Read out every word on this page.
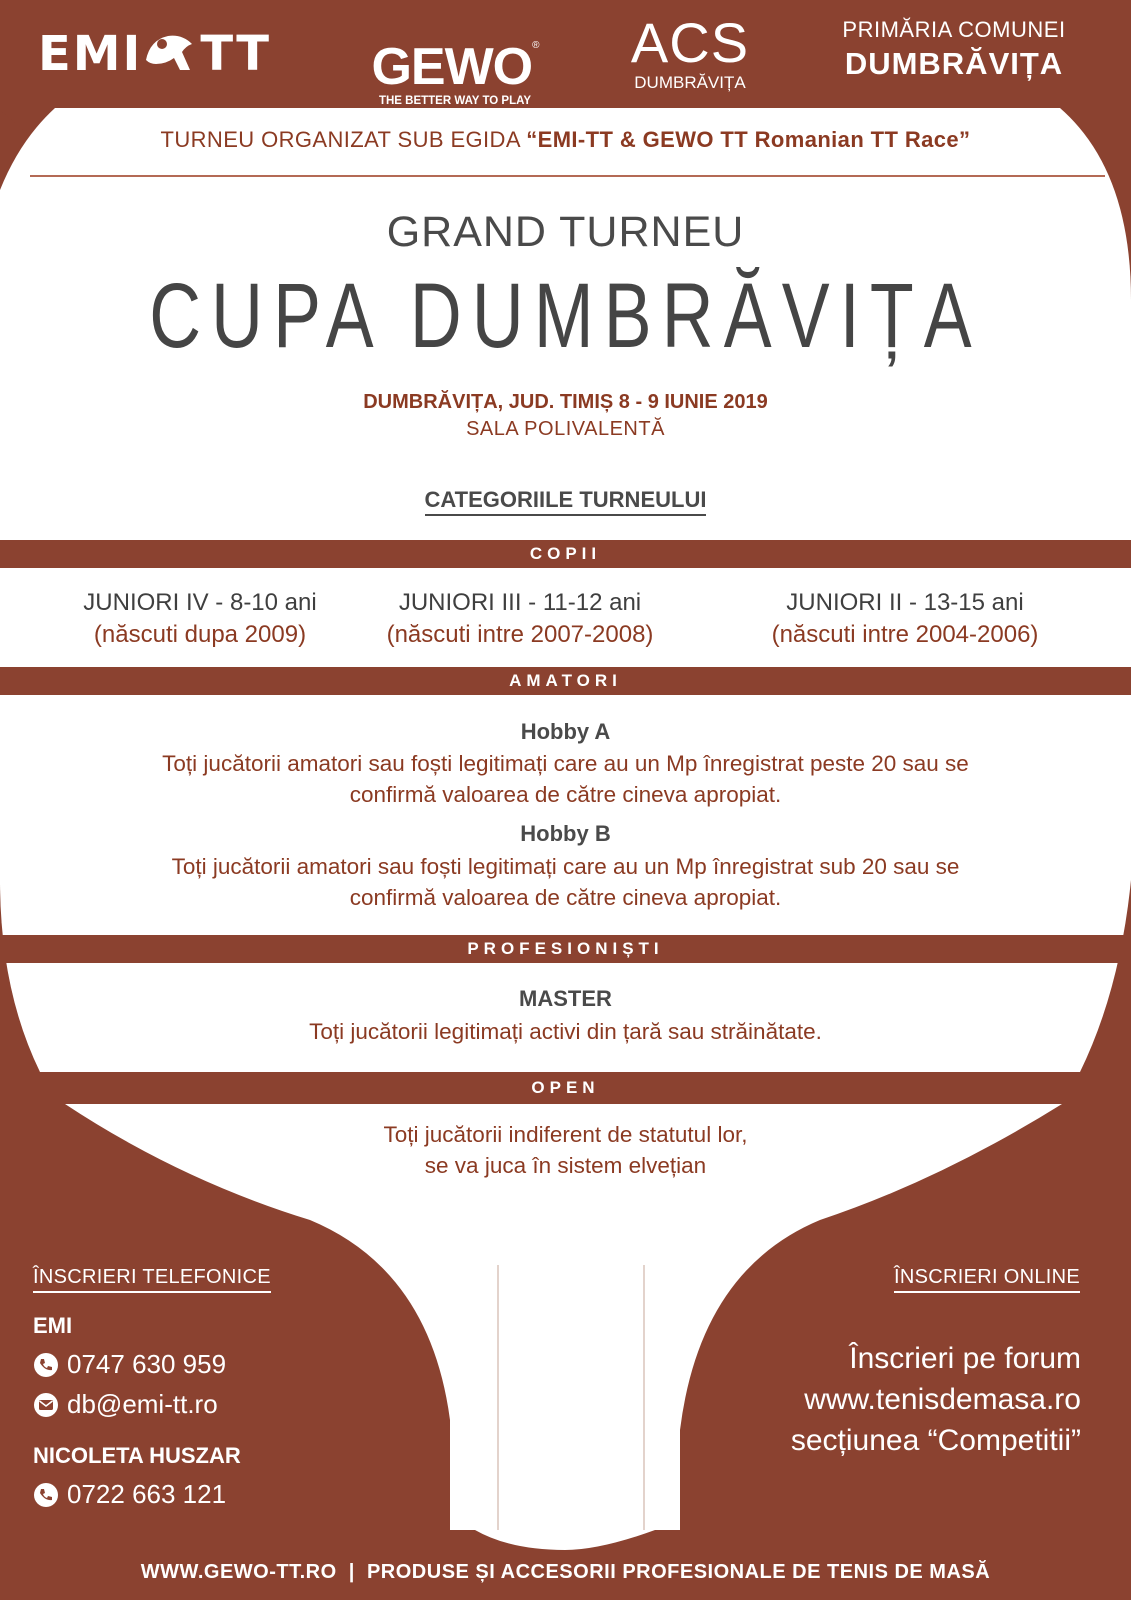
EMI TT GEWO®
THE BETTER WAY TO PLAY
ACS
DUMBRĂVIȚA
PRIMĂRIA COMUNEI
DUMBRĂVIȚA
TURNEU ORGANIZAT SUB EGIDA “EMI-TT & GEWO TT Romanian TT Race”
GRAND TURNEU
CUPA DUMBRĂVIȚA
DUMBRĂVIȚA, JUD. TIMIȘ 8 - 9 IUNIE 2019
SALA POLIVALENTĂ
CATEGORIILE TURNEULUI
COPII
JUNIORI IV - 8-10 ani
(născuti dupa 2009)
JUNIORI III - 11-12 ani
(născuti intre 2007-2008)
JUNIORI II - 13-15 ani
(născuti intre 2004-2006)
AMATORI
Hobby A
Toți jucătorii amatori sau foști legitimați care au un Mp înregistrat peste 20 sau se
confirmă valoarea de către cineva apropiat.
Hobby B
Toți jucătorii amatori sau foști legitimați care au un Mp înregistrat sub 20 sau se
confirmă valoarea de către cineva apropiat.
PROFESIONIȘTI
MASTER
Toți jucătorii legitimați activi din țară sau străinătate.
OPEN
Toți jucătorii indiferent de statutul lor,
se va juca în sistem elvețian
ÎNSCRIERI TELEFONICE
EMI
0747 630 959
db@emi-tt.ro
NICOLETA HUSZAR
0722 663 121
ÎNSCRIERI ONLINE
Înscrieri pe forum
www.tenisdemasa.ro
secțiunea “Competitii”
WWW.GEWO-TT.RO  |  PRODUSE ȘI ACCESORII PROFESIONALE DE TENIS DE MASĂ
